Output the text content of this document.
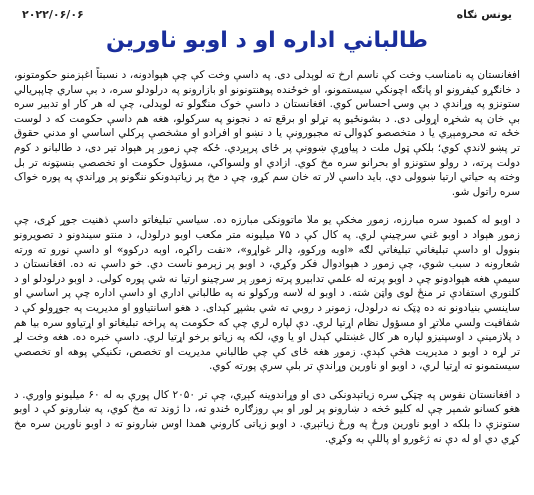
یونس نګاه
۲۰۲۲/۰۶/۰۶
طالباني اداره او د اوبو ناورین

افغانستان په نامناسب وخت کې ناسم ارخ ته لوېدلی دی. په داسې وخت کې چې هېوادونه، د نسبتاً اغېزمنو حکومتونو، د خانګړو کیفرونو او پانګه اچونکي سیستمونو، او خوځنده پوهنتونونو او بازارونو په درلودلو سره، د بې ساري چاپېریالي ستونزو په وړاندې د بې وسۍ احساس کوي. افغانستان د داسې خوک منګولو ته لوېدلی، چې له هر کار او تدبیر سره بې خان په شخړه اړولی دی. د بشونځیو په تړلو او برقع ته د نجونو په سرکولو، هغه هم داسې حکومت که د لوست خځه ته محرومېږي یا د متخصصو کډوالۍ ته مجبورونې یا د نښو او افرادو او مشخصې پرکلي اساسي او مدني حقوق تر پښو لاندې کوي؛ بلکې ټول ملت د پیاوړې ښوونې پر ځای پرېږدي. ځکه چې زموږ پر هېواد تیر دی، د طالبانو د کوم دولت پرته، د رولو ستونزو او بحرانو سره مخ کوي. ازادي او ولسواکي، مسؤول حکومت او تخصصي بنسټونه تر بل وخته په حیاتي ارتیا ښوولی دي. باید داسې لار ته خان سم کړو، چې د مخ پر زیاتېدونکو ننګونو پر وړاندې په پوره خواک سره راتول شو.

د اوبو له کمبود سره مبارزه، زموږ مخکې یو ملا ماتوونکی مبارزه ده. سیاسي تبلیغاتو داسې ذهنیت جوړ کړی، چې زموږ هېواد د اوبو غني سرچینې لري. په کال کې د ۷۵ میلیونه متر مکعب اوبو درلودل، د منتو سیندونو د تصویرونو بنوول او داسې تبلیغاتي تبلیغاتي لګه «اوبه ورکوو، ډالر غواړو»، «نفت راکړه، اوبه درکوو» او داسې نورو ته ورته شعارونه د سبب شوي، چې زموږ د هېوادوال فکر وکړي، د اوبو پر زېرمو ناست دي. خو داسې نه ده. افغانستان د سیمې هغه هېوادونو چې د اوبو پرته له علمي تدابیرو پرته زموږ پر سرچینو ارتیا نه شي پوره کولی. د اوبو درلودلو او د کلنوري استفادې تر منځ لوی واټن شته. د اوبو له لاسه ورکولو نه په طالباني اداري او داسې اداره چې پر اساسي او ساینسي بنیادونو نه ده ډټک نه درلودل، زمونږ د روبي ته شي بشپړ کېدای. د هغو اسانتیاوو او مدیریت په جوړولو کې د شفافیت ولسي ملاتړ او مسؤول نظام اړتیا لري. دې لپاره لري چې که حکومت په پراخه تبلیغاتو او اړتیاوو سره بیا هم د پلازمینې د اوسپنیزو لپاره هر کال غښتلي کېدل او یا وي، لکه په زیاتو برخو اړتیا لري. داسې خبره ده. هغه وخت لړ تر لړه د اوبو د مدیریت هڅې کېدې. زموږ هغه ځای کې چې طالباني مدیریت او تخصص، تکنیکي پوهه او تخصصي سیستمونو ته اړتیا لري، د اوبو او ناورین وړاندې تر بلې سرې پورته کوي.

د افغانستان نفوس په چټکۍ سره زیاتېدونکی دی او وړاندوینه کېږي، چې تر ۲۰۵۰ کال پورې به له ۶۰ میلیونو واوري. د هغو کسانو شمېر چې له کلیو څخه د ښارونو پر لور او بې روزګاره ځندو ته، دا ژوند ته مخ کوي، په ښارونو کې د اوبو ستونزې دا بلکه د اوبو ناورین ورځ په ورځ زیاتېږي. د اوبو زیاتی کاروني همدا اوس ښارونو ته د اوبو ناورین سره مخ کړي دي او له دې نه ژغورو او پاللې به وکړي.
